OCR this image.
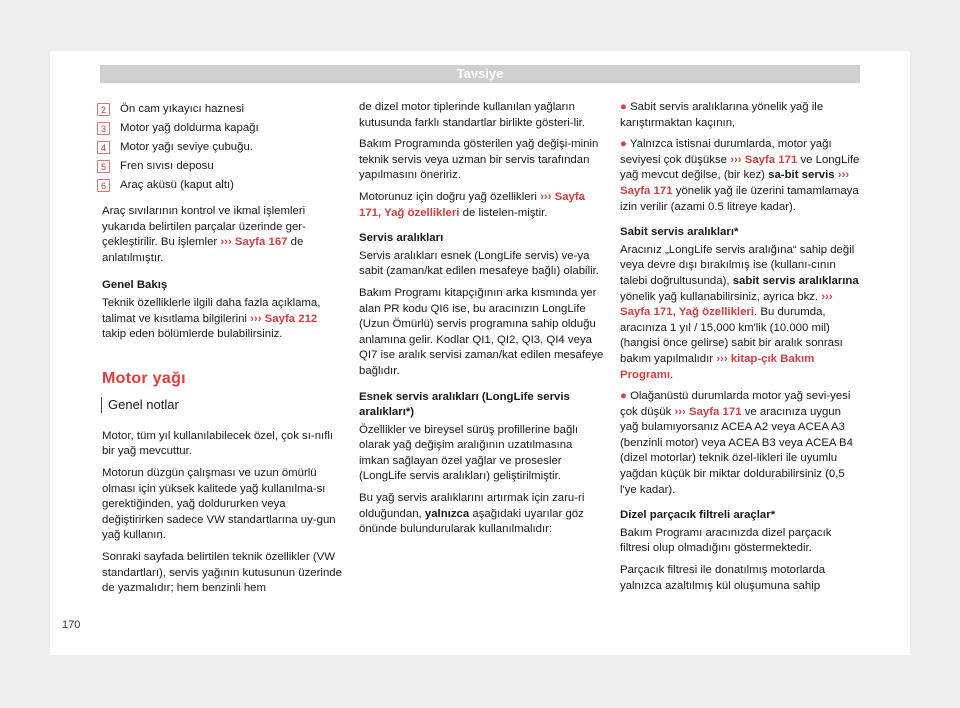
Tavsiye
2	Ön cam yıkayıcı haznesi
3	Motor yağ doldurma kapağı
4	Motor yağı seviye çubuğu.
5	Fren sıvısı deposu
6	Araç aküsü (kaput altı)

Araç sıvılarının kontrol ve ikmal işlemleri yukarıda belirtilen parçalar üzerinde ger-çekleştirilir. Bu işlemler ››› Sayfa 167 de anlatılmıştır.

Genel Bakış

Teknik özelliklerle ilgili daha fazla açıklama, talimat ve kısıtlama bilgilerini ››› Sayfa 212 takip eden bölümlerde bulabilirsiniz.

Motor yağı
Genel notlar

Motor, tüm yıl kullanılabilecek özel, çok sı-nıflı bir yağ mevcuttur.

Motorun düzgün çalışması ve uzun ömürlü olması için yüksek kalitede yağ kullanılma-sı gerektiğinden, yağ doldururken veya değiştirirken sadece VW standartlarına uy-gun yağ kullanın.

Sonraki sayfada belirtilen teknik özellikler (VW standartları), servis yağının kutusunun üzerinde de yazmalıdır; hem benzinli hem

de dizel motor tiplerinde kullanılan yağların kutusunda farklı standartlar birlikte gösteri-lir.

Bakım Programında gösterilen yağ değişi-minin teknik servis veya uzman bir servis tarafından yapılmasını öneririz.

Motorunuz için doğru yağ özellikleri ››› Sayfa 171, Yağ özellikleri de listelen-miştir.

Servis aralıkları

Servis aralıkları esnek (LongLife servis) ve-ya sabit (zaman/kat edilen mesafeye bağlı) olabilir.

Bakım Programı kitapçığının arka kısmında yer alan PR kodu QI6 ise, bu aracınızın LongLife (Uzun Ömürlü) servis programına sahip olduğu anlamına gelir. Kodlar QI1, QI2, QI3, QI4 veya QI7 ise aralık servisi zaman/kat edilen mesafeye bağlıdır.

Esnek servis aralıkları (LongLife servis aralıkları*)

Özellikler ve bireysel sürüş profillerine bağlı olarak yağ değişim aralığının uzatılmasına imkan sağlayan özel yağlar ve prosesler (LongLife servis aralıkları) geliştirilmiştir.

Bu yağ servis aralıklarını artırmak için zaru-ri olduğundan, yalnızca aşağıdaki uyarılar göz önünde bulundurularak kullanılmalıdır:

● Sabit servis aralıklarına yönelik yağ ile karıştırmaktan kaçının,

● Yalnızca istisnai durumlarda, motor yağı seviyesi çok düşükse ››› Sayfa 171 ve LongLife yağ mevcut değilse, (bir kez) sa-bit servis ››› Sayfa 171 yönelik yağ ile üzerini tamamlamaya izin verilir (azami 0.5 litreye kadar).

Sabit servis aralıkları*

Aracınız „LongLife servis aralığına“ sahip değil veya devre dışı bırakılmış ise (kullanı-cının talebi doğrultusunda), sabit servis aralıklarına yönelik yağ kullanabilirsiniz, ayrıca bkz. ››› Sayfa 171, Yağ özellikleri. Bu durumda, aracınıza 1 yıl / 15,000 km'lik (10.000 mil) (hangisi önce gelirse) sabit bir aralık sonrası bakım yapılmalıdır ››› kitap-çık Bakım Programı.

● Olağanüstü durumlarda motor yağ sevi-yesi çok düşük ››› Sayfa 171 ve aracınıza uygun yağ bulamıyorsanız ACEA A2 veya ACEA A3 (benzinli motor) veya ACEA B3 veya ACEA B4 (dizel motorlar) teknik özel-likleri ile uyumlu yağdan küçük bir miktar doldurabilirsiniz (0,5 l'ye kadar).

Dizel parçacık filtreli araçlar*

Bakım Programı aracınızda dizel parçacık filtresi olup olmadığını göstermektedir.

Parçacık filtresi ile donatılmış motorlarda yalnızca azaltılmış kül oluşumuna sahip

170
